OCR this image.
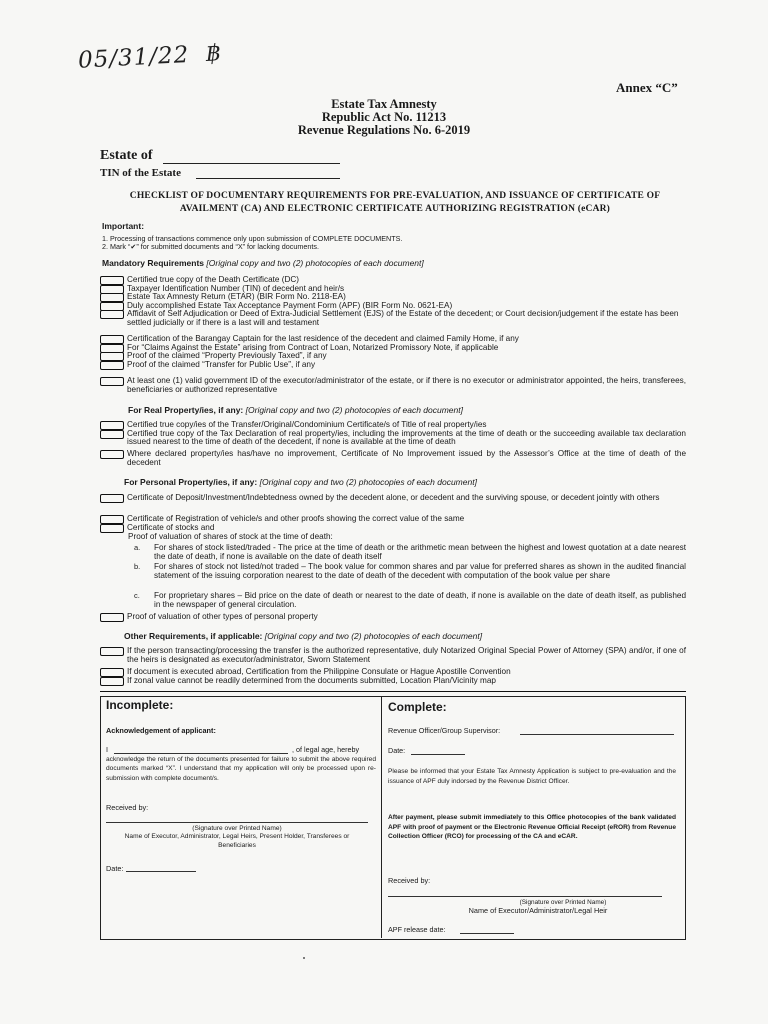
05/31/22 ฿
Annex “C”
Estate Tax Amnesty
Republic Act No. 11213
Revenue Regulations No. 6-2019
Estate of
TIN of the Estate
CHECKLIST OF DOCUMENTARY REQUIREMENTS FOR PRE-EVALUATION, AND ISSUANCE OF CERTIFICATE OF AVAILMENT (CA) AND ELECTRONIC CERTIFICATE AUTHORIZING REGISTRATION (eCAR)
Important:
1. Processing of transactions commence only upon submission of COMPLETE DOCUMENTS.
2. Mark “✔” for submitted documents and “X” for lacking documents.
Mandatory Requirements [Original copy and two (2) photocopies of each document]
Certified true copy of the Death Certificate (DC)
Taxpayer Identification Number (TIN) of decedent and heir/s
Estate Tax Amnesty Return (ETAR) (BIR Form No. 2118-EA)
Duly accomplished Estate Tax Acceptance Payment Form (APF) (BIR Form No. 0621-EA)
Affidavit of Self Adjudication or Deed of Extra-Judicial Settlement (EJS) of the Estate of the decedent; or Court decision/judgement if the estate has been settled judicially or if there is a last will and testament
Certification of the Barangay Captain for the last residence of the decedent and claimed Family Home, if any
For “Claims Against the Estate” arising from Contract of Loan, Notarized Promissory Note, if applicable
Proof of the claimed “Property Previously Taxed”, if any
Proof of the claimed “Transfer for Public Use”, if any
At least one (1) valid government ID of the executor/administrator of the estate, or if there is no executor or administrator appointed, the heirs, transferees, beneficiaries or authorized representative
For Real Property/ies, if any: [Original copy and two (2) photocopies of each document]
Certified true copy/ies of the Transfer/Original/Condominium Certificate/s of Title of real property/ies
Certified true copy of the Tax Declaration of real property/ies, including the improvements at the time of death or the succeeding available tax declaration issued nearest to the time of death of the decedent, if none is available at the time of death
Where declared property/ies has/have no improvement, Certificate of No Improvement issued by the Assessor’s Office at the time of death of the decedent
For Personal Property/ies, if any: [Original copy and two (2) photocopies of each document]
Certificate of Deposit/Investment/Indebtedness owned by the decedent alone, or decedent and the surviving spouse, or decedent jointly with others
Certificate of Registration of vehicle/s and other proofs showing the correct value of the same
Certificate of stocks and
Proof of valuation of shares of stock at the time of death:
a. For shares of stock listed/traded - The price at the time of death or the arithmetic mean between the highest and lowest quotation at a date nearest the date of death, if none is available on the date of death itself
b. For shares of stock not listed/not traded – The book value for common shares and par value for preferred shares as shown in the audited financial statement of the issuing corporation nearest to the date of death of the decedent with computation of the book value per share
c. For proprietary shares – Bid price on the date of death or nearest to the date of death, if none is available on the date of death itself, as published in the newspaper of general circulation.
Proof of valuation of other types of personal property
Other Requirements, if applicable: [Original copy and two (2) photocopies of each document]
If the person transacting/processing the transfer is the authorized representative, duly Notarized Original Special Power of Attorney (SPA) and/or, if one of the heirs is designated as executor/administrator, Sworn Statement
If document is executed abroad, Certification from the Philippine Consulate or Hague Apostille Convention
If zonal value cannot be readily determined from the documents submitted, Location Plan/Vicinity map
Incomplete:
Acknowledgement of applicant:
I	, of legal age, hereby
acknowledge the return of the documents presented for failure to submit the above required documents marked “X”. I understand that my application will only be processed upon re-submission with complete document/s.
Received by:
(Signature over Printed Name)
Name of Executor, Administrator, Legal Heirs, Present Holder, Transferees or Beneficiaries
Date:
Complete:
Revenue Officer/Group Supervisor:
Date:
Please be informed that your Estate Tax Amnesty Application is subject to pre-evaluation and the issuance of APF duly indorsed by the Revenue District Officer.
After payment, please submit immediately to this Office photocopies of the bank validated APF with proof of payment or the Electronic Revenue Official Receipt (eROR) from Revenue Collection Officer (RCO) for processing of the CA and eCAR.
Received by:
(Signature over Printed Name)
Name of Executor/Administrator/Legal Heir
APF release date:
